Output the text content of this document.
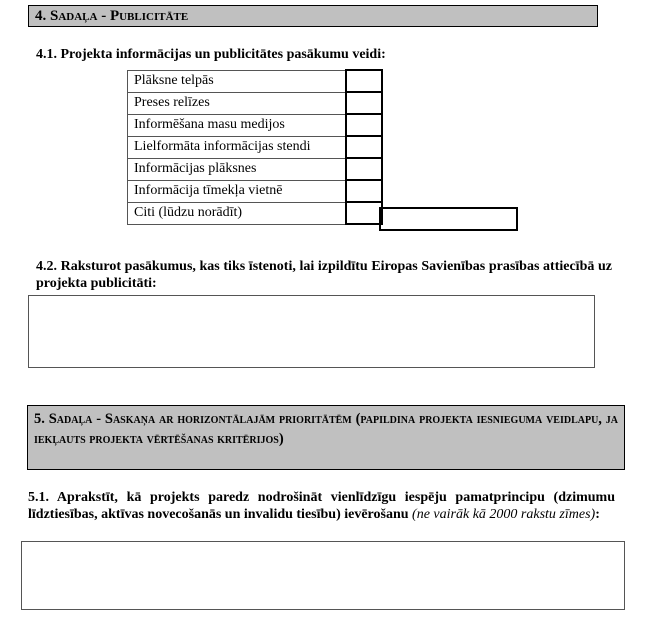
4. Sadaļa - Publicitāte
4.1. Projekta informācijas un publicitātes pasākumu veidi:
Plāksne telpās	
Preses relīzes	
Informēšana masu medijos	
Lielformāta informācijas stendi	
Informācijas plāksnes	
Informācija tīmekļa vietnē	
Citi (lūdzu norādīt)	
4.2. Raksturot pasākumus, kas tiks īstenoti, lai izpildītu Eiropas Savienības prasības attiecībā uz projekta publicitāti:
5. Sadaļa - Saskaņa ar horizontālajām prioritātēm (papildina projekta iesnieguma veidlapu, ja iekļauts projekta vērtēšanas kritērijos)
5.1. Aprakstīt, kā projekts paredz nodrošināt vienlīdzīgu iespēju pamatprincipu (dzimumu līdztiesības, aktīvas novecošanās un invalidu tiesību) ievērošanu (ne vairāk kā 2000 rakstu zīmes):
